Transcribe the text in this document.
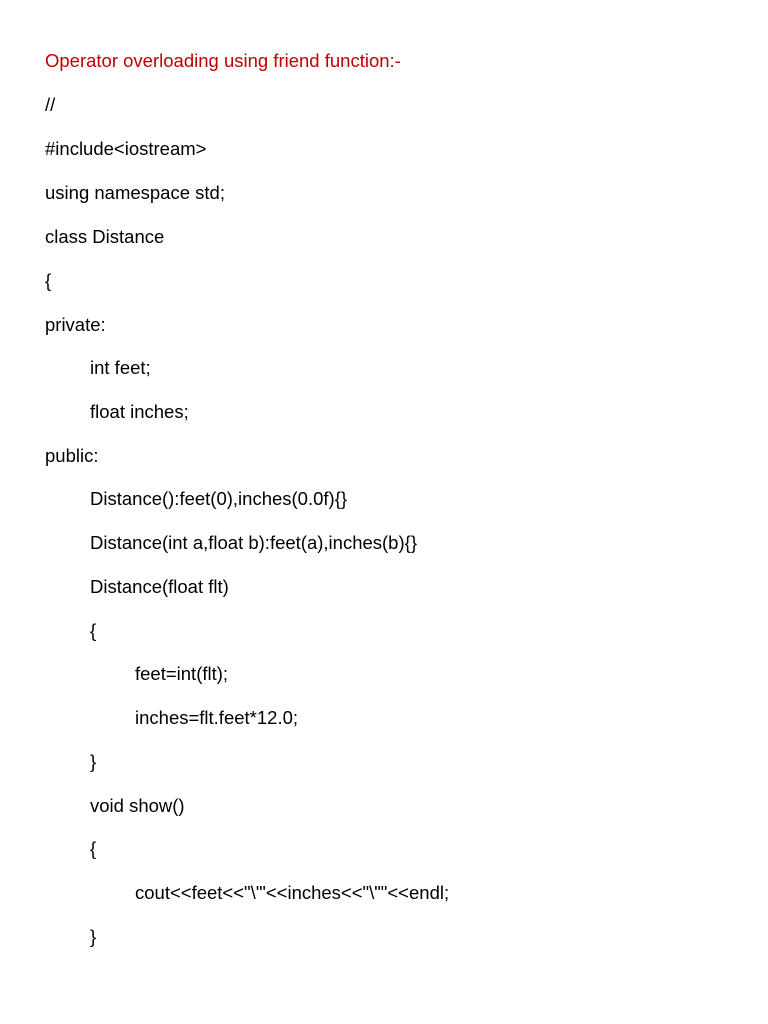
Operator overloading using friend function:-
//
#include<iostream>
using namespace std;
class Distance
{
private:
int feet;
float inches;
public:
Distance():feet(0),inches(0.0f){}
Distance(int a,float b):feet(a),inches(b){}
Distance(float flt)
{
feet=int(flt);
inches=flt.feet*12.0;
}
void show()
{
cout<<feet<<"\'"<<inches<<"\""<<endl;
}
